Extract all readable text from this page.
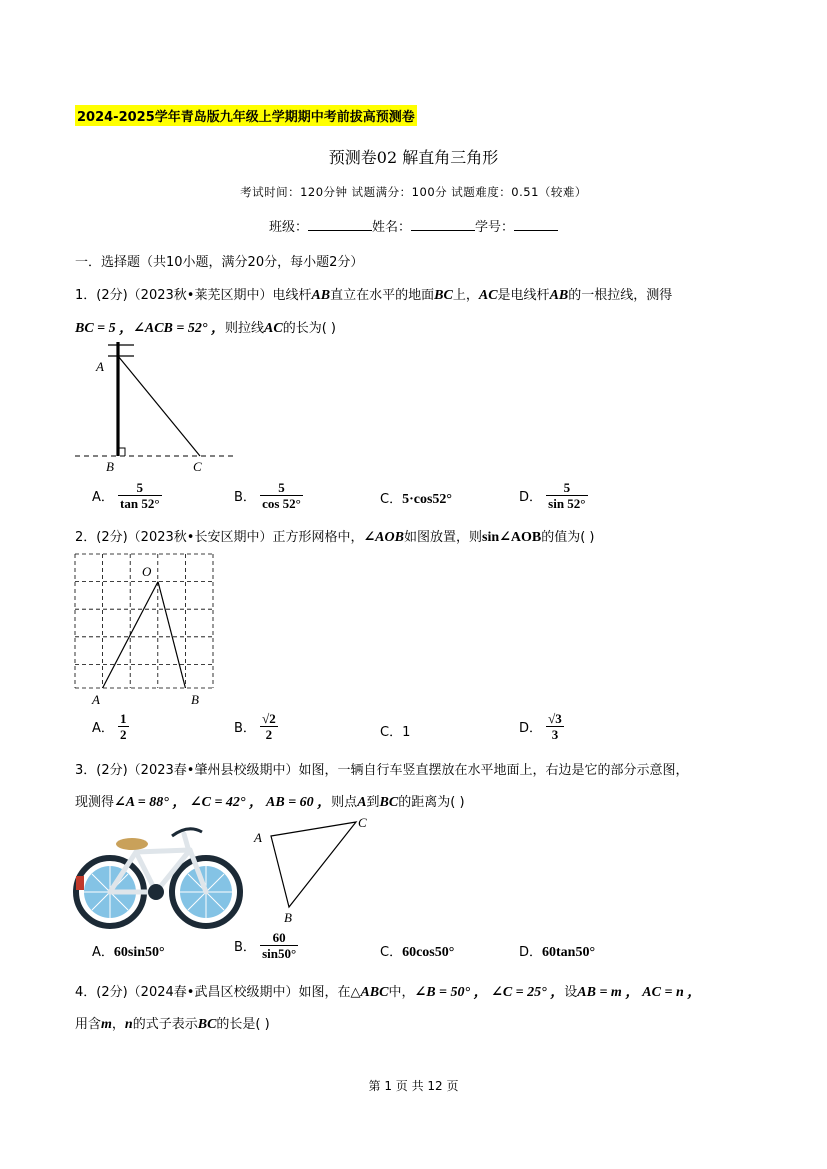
2024-2025学年青岛版九年级上学期期中考前拔高预测卷
预测卷02 解直角三角形
考试时间：120分钟 试题满分：100分 试题难度：0.51（较难）
班级：	姓名：	学号：
一．选择题（共10小题，满分20分，每小题2分）
1．(2分)（2023秋•莱芜区期中）电线杆AB直立在水平的地面BC上，AC是电线杆AB的一根拉线，测得
BC = 5 ，∠ACB = 52° ，则拉线AC的长为( )
A
B	C
A． $\frac{5}{\tan 52^\circ}$	B． $\frac{5}{\cos 52^\circ}$	C．5·cos52°	D． $\frac{5}{\sin 52^\circ}$
2．(2分)（2023秋•长安区期中）正方形网格中，∠AOB如图放置，则sin∠AOB的值为( )
O
A	B
A． $\frac{1}{2}$	B． $\frac{√2}{2}$	C．1	D． $\frac{√3}{3}$
3．(2分)（2023春•肇州县校级期中）如图，一辆自行车竖直摆放在水平地面上，右边是它的部分示意图，
现测得∠A = 88° ， ∠C = 42° ， AB = 60 ，则点A到BC的距离为( )
A
C
B
A．60sin50°	B． $\frac{60}{\sin 50^\circ}$	C．60cos50°	D．60tan50°
4．(2分)（2024春•武昌区校级期中）如图，在△ABC中，∠B = 50° ， ∠C = 25° ，设AB = m ， AC = n ，
用含m，n的式子表示BC的长是( )
第 1 页 共 12 页
